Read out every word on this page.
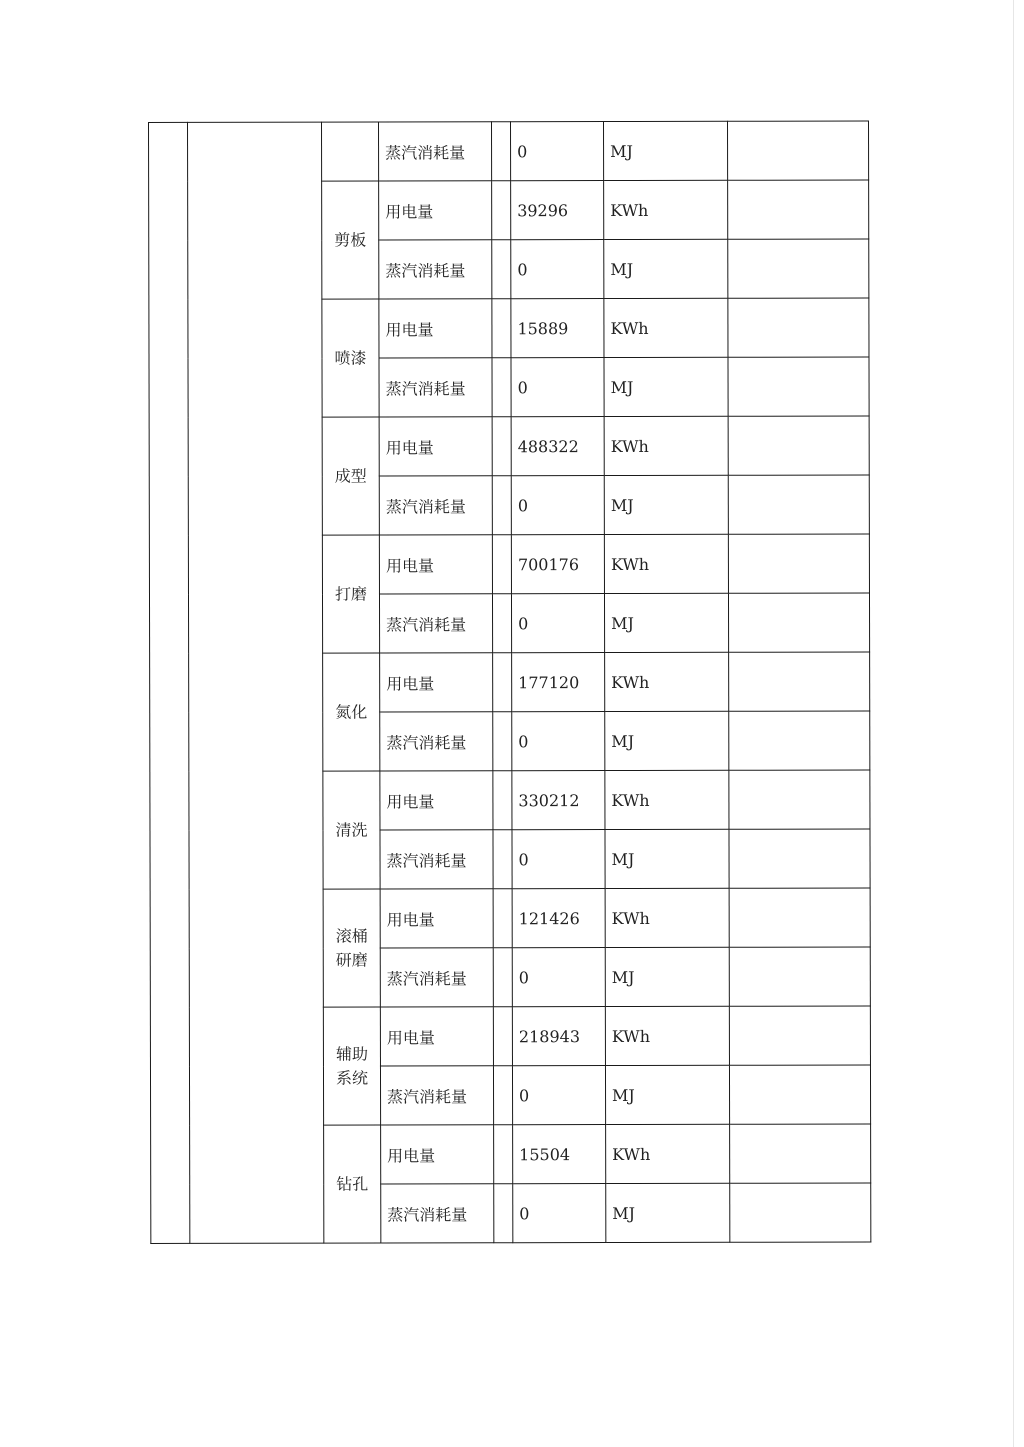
			蒸汽消耗量		0	MJ	
		剪板	用电量		39296	KWh	
			蒸汽消耗量		0	MJ	
		喷漆	用电量		15889	KWh	
			蒸汽消耗量		0	MJ	
		成型	用电量		488322	KWh	
			蒸汽消耗量		0	MJ	
		打磨	用电量		700176	KWh	
			蒸汽消耗量		0	MJ	
		氮化	用电量		177120	KWh	
			蒸汽消耗量		0	MJ	
		清洗	用电量		330212	KWh	
			蒸汽消耗量		0	MJ	
		滚桶研磨	用电量		121426	KWh	
			蒸汽消耗量		0	MJ	
		辅助系统	用电量		218943	KWh	
			蒸汽消耗量		0	MJ	
		钻孔	用电量		15504	KWh	
			蒸汽消耗量		0	MJ	
